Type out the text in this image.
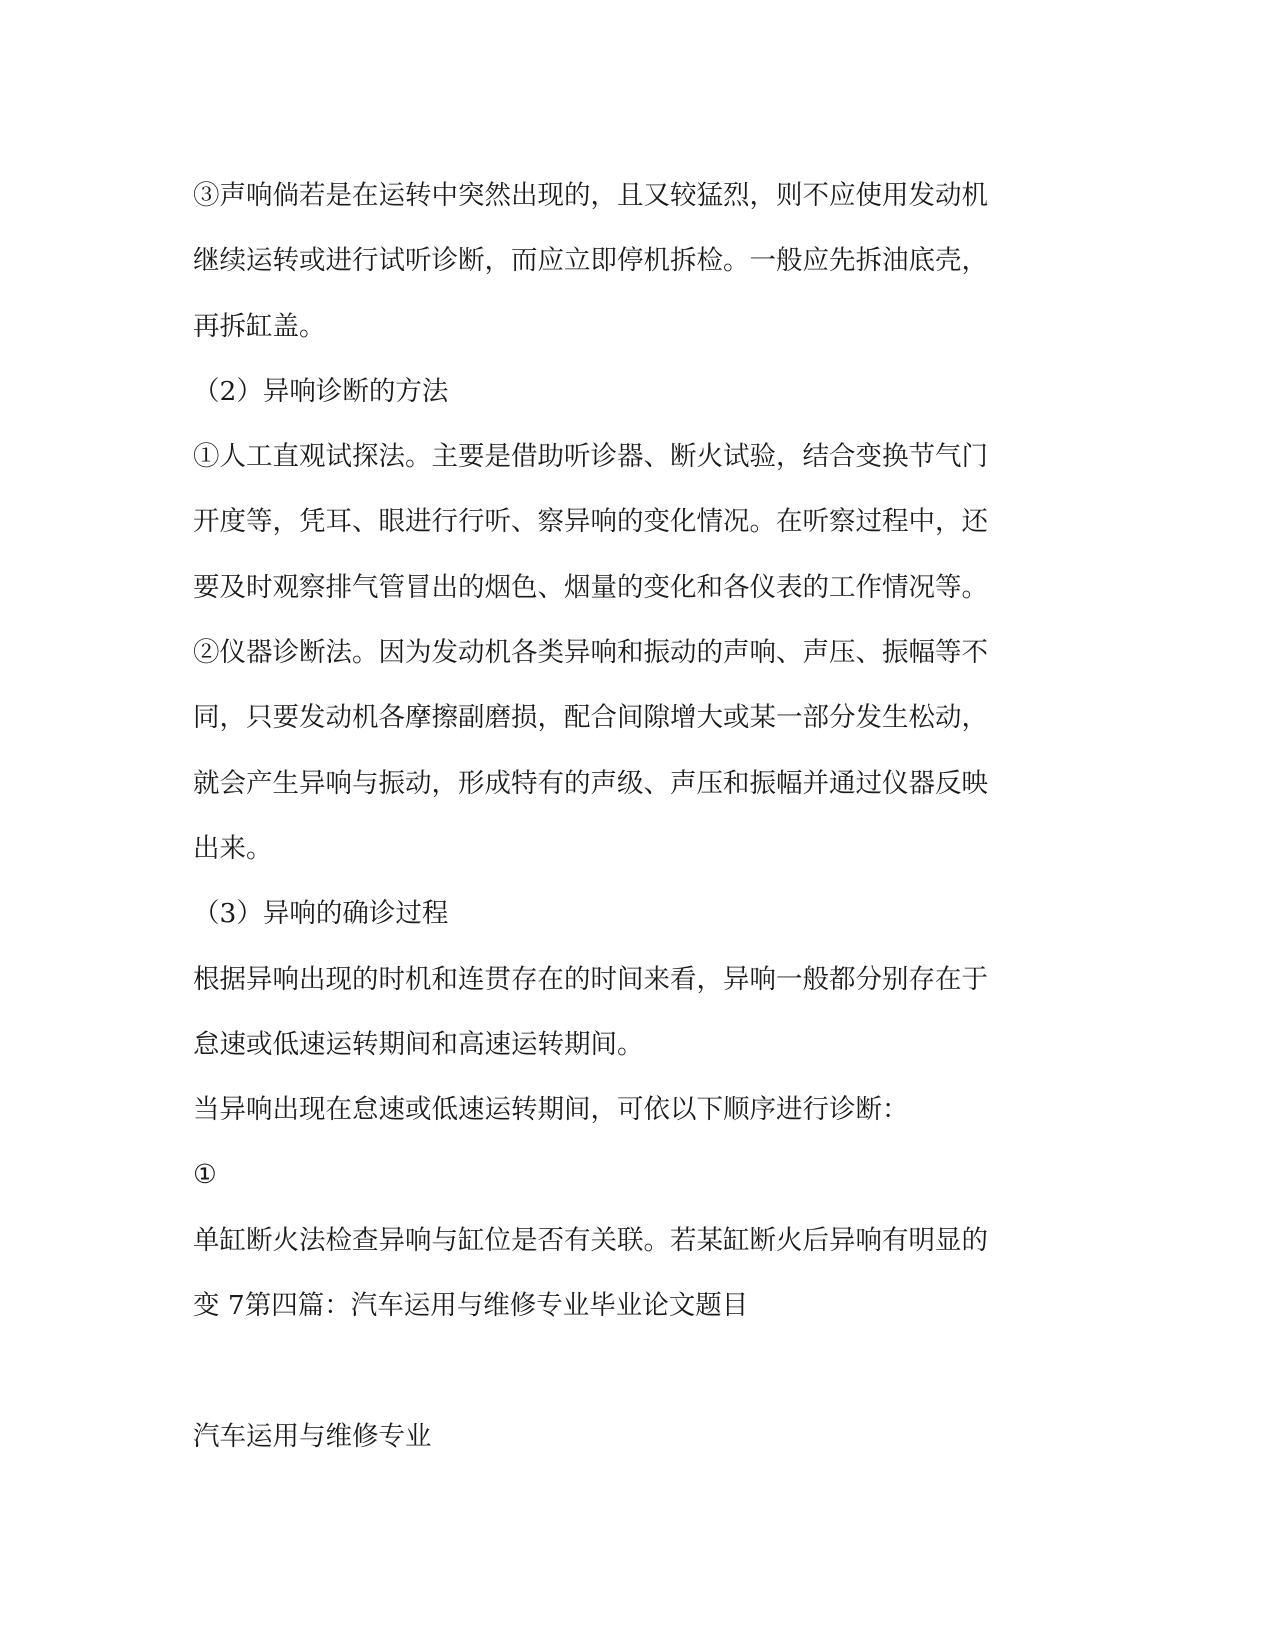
③声响倘若是在运转中突然出现的，且又较猛烈，则不应使用发动机
继续运转或进行试听诊断，而应立即停机拆检。一般应先拆油底壳，
再拆缸盖。
（2）异响诊断的方法
①人工直观试探法。主要是借助听诊器、断火试验，结合变换节气门
开度等，凭耳、眼进行行听、察异响的变化情况。在听察过程中，还
要及时观察排气管冒出的烟色、烟量的变化和各仪表的工作情况等。
②仪器诊断法。因为发动机各类异响和振动的声响、声压、振幅等不
同，只要发动机各摩擦副磨损，配合间隙增大或某一部分发生松动，
就会产生异响与振动，形成特有的声级、声压和振幅并通过仪器反映
出来。
（3）异响的确诊过程
根据异响出现的时机和连贯存在的时间来看，异响一般都分别存在于
怠速或低速运转期间和高速运转期间。
当异响出现在怠速或低速运转期间，可依以下顺序进行诊断：
①
单缸断火法检查异响与缸位是否有关联。若某缸断火后异响有明显的
变 7第四篇：汽车运用与维修专业毕业论文题目
汽车运用与维修专业
